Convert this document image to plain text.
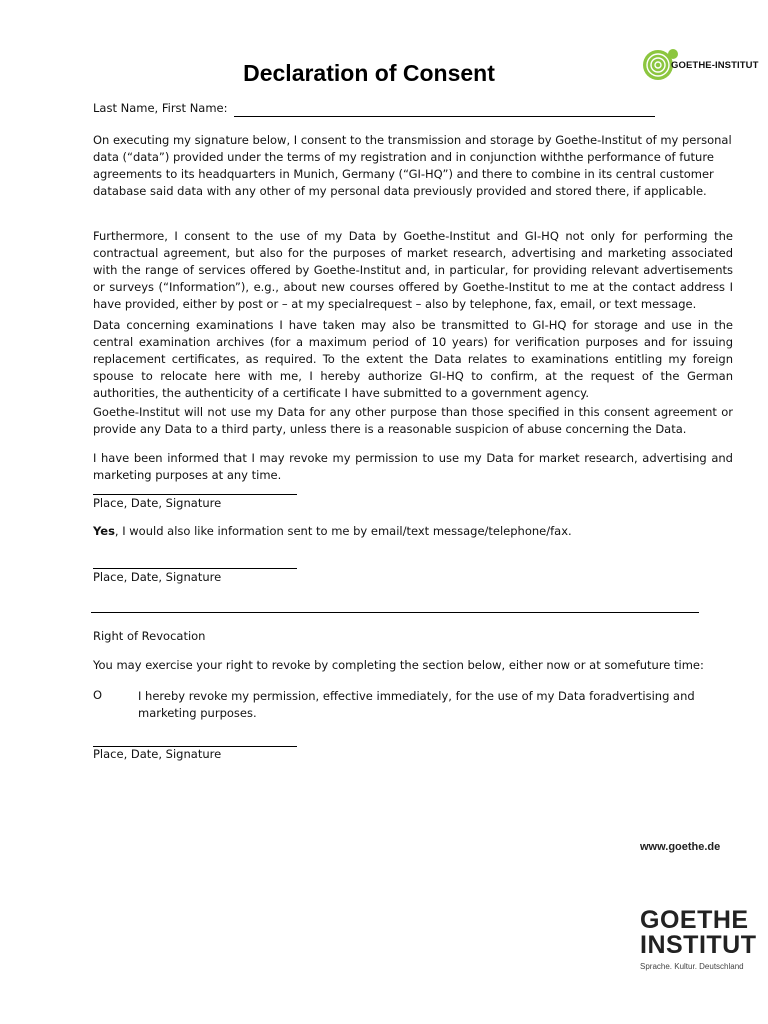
GOETHE-INSTITUT
Declaration of Consent
Last Name, First Name:

On executing my signature below, I consent to the transmission and storage by Goethe-Institut of my personal data (“data”) provided under the terms of my registration and in conjunction withthe performance of future agreements to its headquarters in Munich, Germany (“GI-HQ”) and there to combine in its central customer database said data with any other of my personal data previously provided and stored there, if applicable.

Furthermore, I consent to the use of my Data by Goethe-Institut and GI-HQ not only for performing the contractual agreement, but also for the purposes of market research, advertising and marketing associated with the range of services offered by Goethe-Institut and, in particular, for providing relevant advertisements or surveys (“Information”), e.g., about new courses offered by Goethe-Institut to me at the contact address I have provided, either by post or – at my specialrequest – also by telephone, fax, email, or text message.

Data concerning examinations I have taken may also be transmitted to GI-HQ for storage and use in the central examination archives (for a maximum period of 10 years) for verification purposes and for issuing replacement certificates, as required. To the extent the Data relates to examinations entitling my foreign spouse to relocate here with me, I hereby authorize GI-HQ to confirm, at the request of the German authorities, the authenticity of a certificate I have submitted to a government agency.

Goethe-Institut will not use my Data for any other purpose than those specified in this consent agreement or provide any Data to a third party, unless there is a reasonable suspicion of abuse concerning the Data.

I have been informed that I may revoke my permission to use my Data for market research, advertising and marketing purposes at any time.

Place, Date, Signature
Yes, I would also like information sent to me by email/text message/telephone/fax.
Place, Date, Signature
Right of Revocation
You may exercise your right to revoke by completing the section below, either now or at somefuture time:
O	I hereby revoke my permission, effective immediately, for the use of my Data foradvertising and marketing purposes.

Place, Date, Signature
www.goethe.de
GOETHE
INSTITUT
Sprache. Kultur. Deutschland
